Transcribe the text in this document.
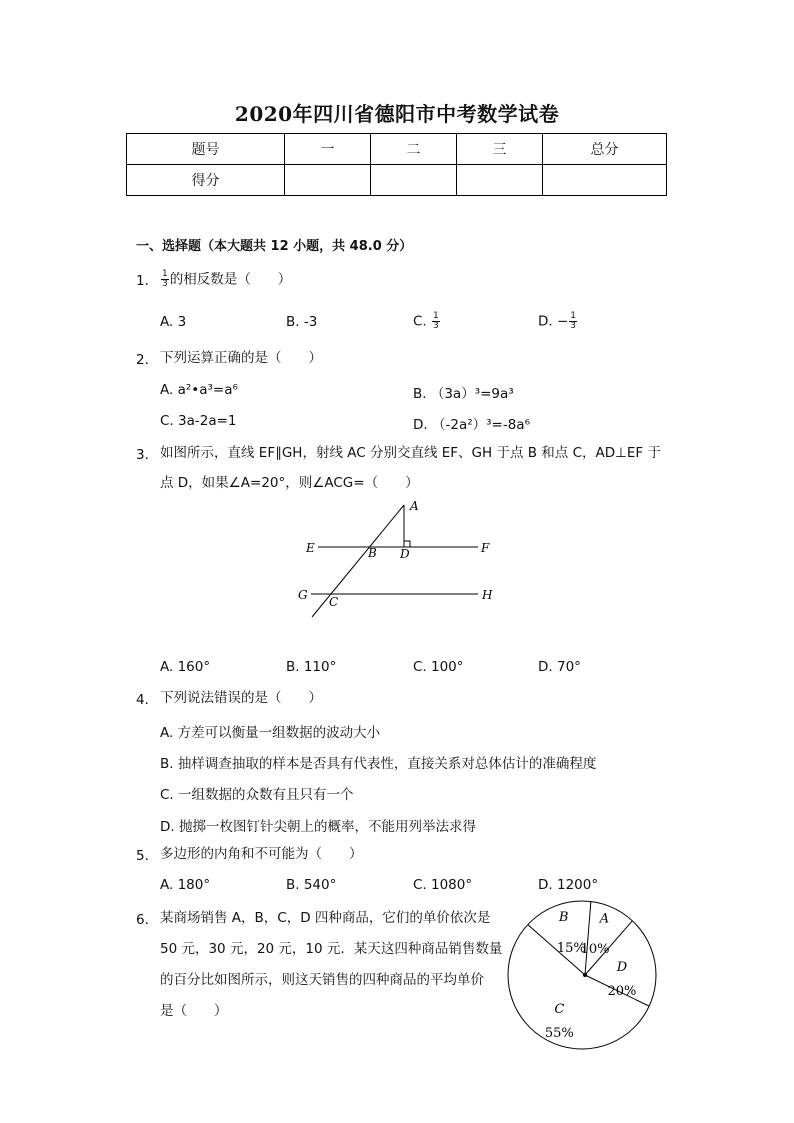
2020年四川省德阳市中考数学试卷
题号	一	二	三	总分
得分				
一、选择题（本大题共 12 小题，共 48.0 分）
1. $\frac{1}{3}$ 的相反数是（　　）
A. 3	B. -3	C. $\frac{1}{3}$	D. − $\frac{1}{3}$
2. 下列运算正确的是（　　）
A. a²•a³=a⁶	B. （3a）³=9a³
C. 3a-2a=1	D. （-2a²）³=-8a⁶
3. 如图所示，直线 EF∥GH，射线 AC 分别交直线 EF、GH 于点 B 和点 C，AD⊥EF 于
点 D，如果∠A=20°，则∠ACG=（　　）
A
B D
E	F
G	H
C
A. 160°	B. 110°	C. 100°	D. 70°
4. 下列说法错误的是（　　）
A. 方差可以衡量一组数据的波动大小
B. 抽样调查抽取的样本是否具有代表性，直接关系对总体估计的准确程度
C. 一组数据的众数有且只有一个
D. 抛掷一枚图钉针尖朝上的概率，不能用列举法求得
5. 多边形的内角和不可能为（　　）
A. 180°	B. 540°	C. 1080°	D. 1200°
6. 某商场销售 A，B，C，D 四种商品，它们的单价依次是
50 元，30 元，20 元，10 元．某天这四种商品销售数量
的百分比如图所示，则这天销售的四种商品的平均单价
是（　　）
A
10%
D
20%
C
55%
B
15%
